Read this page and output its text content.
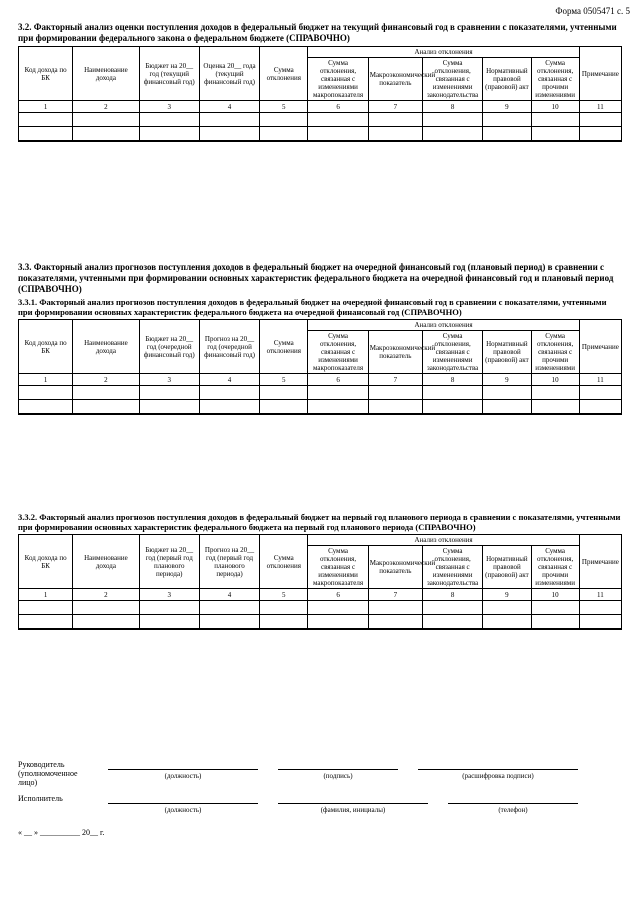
Форма 0505471 с. 5
3.2. Факторный анализ оценки поступления доходов в федеральный бюджет на текущий финансовый год в сравнении с показателями, учтенными при формировании федерального закона о федеральном бюджете (СПРАВОЧНО)
Код дохода по БК	Наименование дохода	Бюджет на 20__ год (текущий финансовый год)	Оценка 20__ года (текущий финансовый год)	Сумма отклонения	Анализ отклонения					Примечание
					Сумма отклонения, связанная с изменениями макропоказателя	Макроэкономический показатель	Сумма отклонения, связанная с изменениями законодательства	Нормативный правовой (правовой) акт	Сумма отклонения, связанная с прочими изменениями	
1	2	3	4	5	6	7	8	9	10	11

3.3. Факторный анализ прогнозов поступления доходов в федеральный бюджет на очередной финансовый год (плановый период) в сравнении с показателями, учтенными при формировании основных характеристик федерального бюджета на очередной финансовый год и плановый период (СПРАВОЧНО)
3.3.1. Факторный анализ прогнозов поступления доходов в федеральный бюджет на очередной финансовый год в сравнении с показателями, учтенными при формировании основных характеристик федерального бюджета на очередной финансовый год (СПРАВОЧНО)
Код дохода по БК	Наименование дохода	Бюджет на 20__ год (очередной финансовый год)	Прогноз на 20__ год (очередной финансовый год)	Сумма отклонения	Анализ отклонения					Примечание
					Сумма отклонения, связанная с изменениями макропоказателя	Макроэкономический показатель	Сумма отклонения, связанная с изменениями законодательства	Нормативный правовой (правовой) акт	Сумма отклонения, связанная с прочими изменениями	
1	2	3	4	5	6	7	8	9	10	11

3.3.2. Факторный анализ прогнозов поступления доходов в федеральный бюджет на первый год планового периода в сравнении с показателями, учтенными при формировании основных характеристик федерального бюджета на первый год планового периода (СПРАВОЧНО)
Код дохода по БК	Наименование дохода	Бюджет на 20__ год (первый год планового периода)	Прогноз на 20__ год (первый год планового периода)	Сумма отклонения	Анализ отклонения					Примечание
					Сумма отклонения, связанная с изменениями макропоказателя	Макроэкономический показатель	Сумма отклонения, связанная с изменениями законодательства	Нормативный правовой (правовой) акт	Сумма отклонения, связанная с прочими изменениями	
1	2	3	4	5	6	7	8	9	10	11

Руководитель (уполномоченное лицо)
(должность)	(подпись)	(расшифровка подписи)
Исполнитель
(должность)	(фамилия, инициалы)	(телефон)
« __ » __________ 20__ г.
